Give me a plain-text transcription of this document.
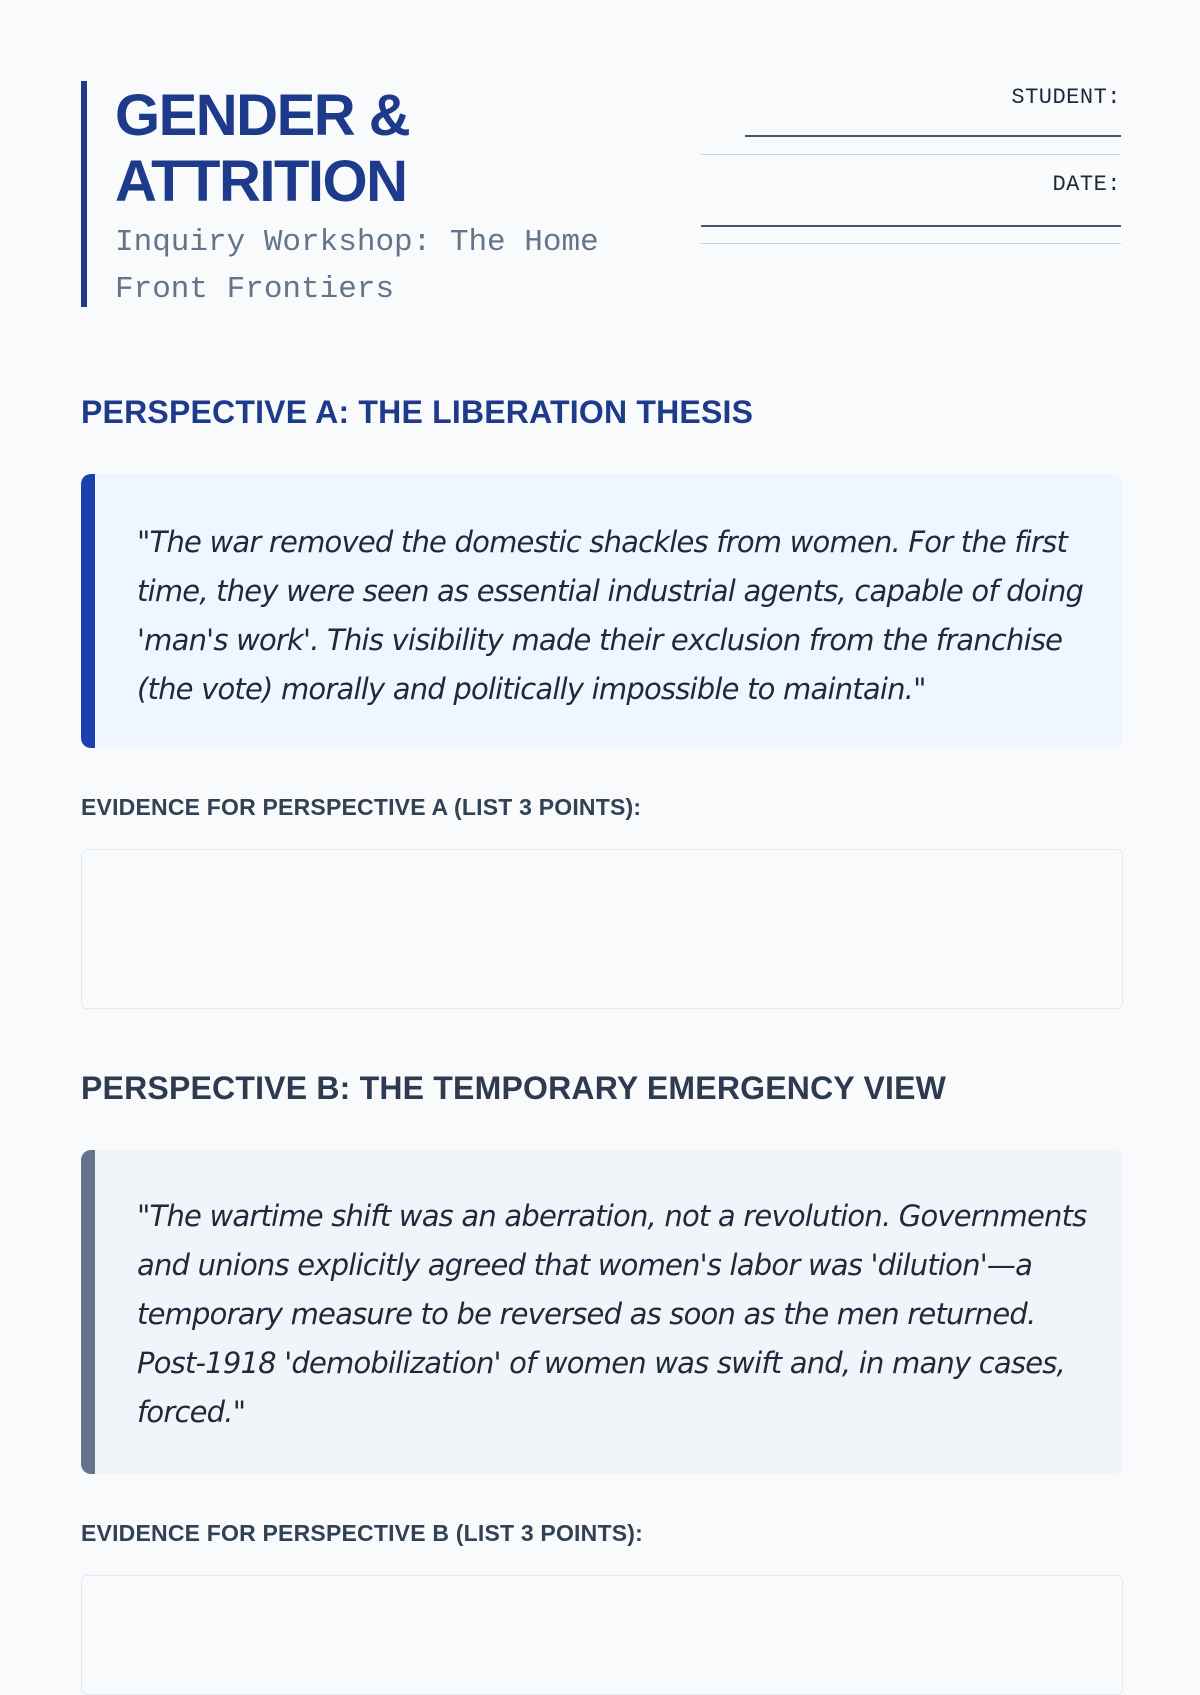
GENDER &
ATTRITION

Inquiry Workshop: The Home Front Frontiers

STUDENT:
DATE:
PERSPECTIVE A: THE LIBERATION THESIS

"The war removed the domestic shackles from women. For the first time, they were seen as essential industrial agents, capable of doing 'man's work'. This visibility made their exclusion from the franchise (the vote) morally and politically impossible to maintain."

EVIDENCE FOR PERSPECTIVE A (LIST 3 POINTS):

PERSPECTIVE B: THE TEMPORARY EMERGENCY VIEW

"The wartime shift was an aberration, not a revolution. Governments and unions explicitly agreed that women's labor was 'dilution'—a temporary measure to be reversed as soon as the men returned. Post-1918 'demobilization' of women was swift and, in many cases, forced."

EVIDENCE FOR PERSPECTIVE B (LIST 3 POINTS):
